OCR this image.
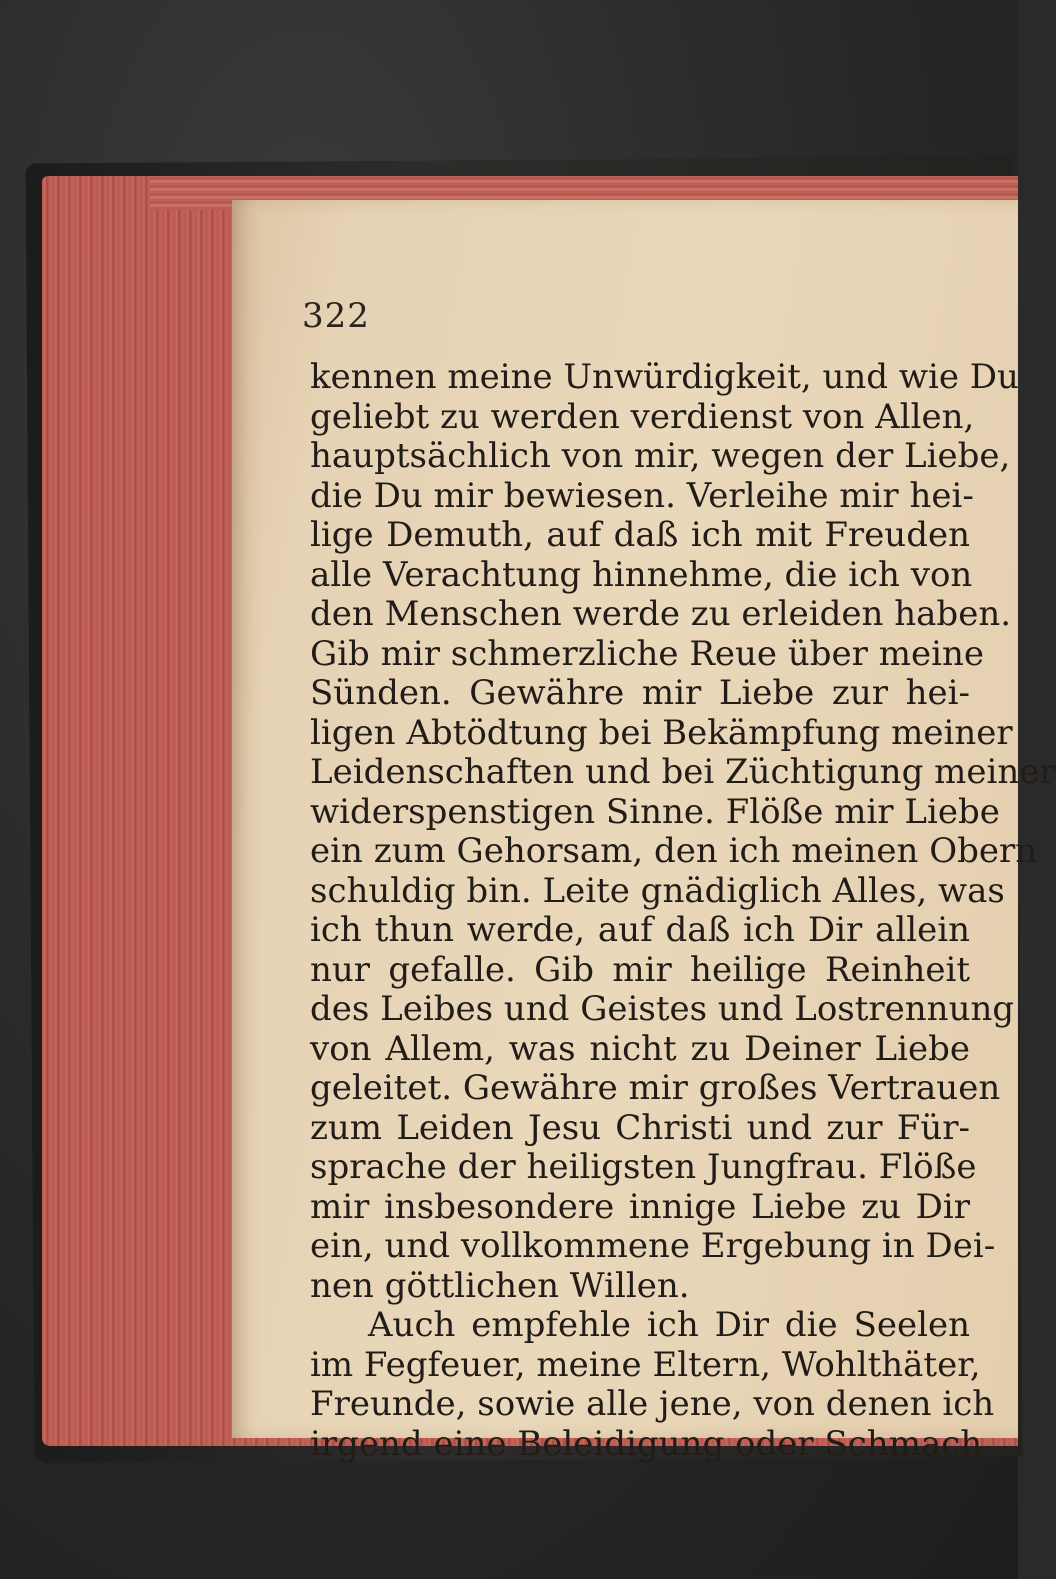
322
kennen meine Unwürdigkeit, und wie Du
geliebt zu werden verdienst von Allen,
hauptsächlich von mir, wegen der Liebe,
die Du mir bewiesen. Verleihe mir hei-
lige Demuth, auf daß ich mit Freuden
alle Verachtung hinnehme, die ich von
den Menschen werde zu erleiden haben.
Gib mir schmerzliche Reue über meine
Sünden. Gewähre mir Liebe zur hei-
ligen Abtödtung bei Bekämpfung meiner
Leidenschaften und bei Züchtigung meiner
widerspenstigen Sinne. Flöße mir Liebe
ein zum Gehorsam, den ich meinen Obern
schuldig bin. Leite gnädiglich Alles, was
ich thun werde, auf daß ich Dir allein
nur gefalle. Gib mir heilige Reinheit
des Leibes und Geistes und Lostrennung
von Allem, was nicht zu Deiner Liebe
geleitet. Gewähre mir großes Vertrauen
zum Leiden Jesu Christi und zur Für-
sprache der heiligsten Jungfrau. Flöße
mir insbesondere innige Liebe zu Dir
ein, und vollkommene Ergebung in Dei-
nen göttlichen Willen.
Auch empfehle ich Dir die Seelen
im Fegfeuer, meine Eltern, Wohlthäter,
Freunde, sowie alle jene, von denen ich
irgend eine Beleidigung oder Schmach
